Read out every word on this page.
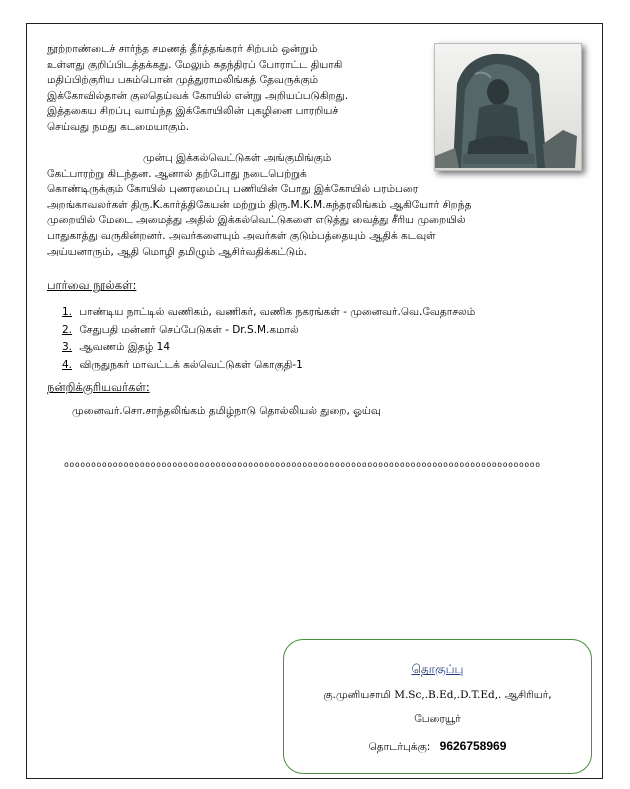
நூற்றாண்டைச் சார்ந்த சமணத் தீர்த்தங்கரர் சிற்பம் ஒன்றும்
உள்ளது குறிப்பிடத்தக்கது. மேலும் சுதந்திரப் போராட்ட தியாகி
மதிப்பிற்குரிய பசும்பொன் முத்துராமலிங்கத் தேவருக்கும்
இக்கோவில்தான் குலதெய்வக் கோயில் என்று அறியப்படுகிறது.
இத்தகைய சிறப்பு வாய்ந்த இக்கோயிலின் புகழினை பாரறியச்
செய்வது நமது கடமையாகும்.
முன்பு இக்கல்வெட்டுகள் அங்குமிங்கும்
கேட்பாரற்று கிடந்தன. ஆனால் தற்போது நடைபெற்றுக்
கொண்டிருக்கும் கோயில் புணரமைப்பு பணியின் போது இக்கோயில் பரம்பரை
அறங்காவலர்கள் திரு.K.கார்த்திகேயன் மற்றும் திரு.M.K.M.சுந்தரலிங்கம் ஆகியோர் சிறந்த
முறையில் மேடை அமைத்து அதில் இக்கல்வெட்டுகளை எடுத்து வைத்து சீரிய முறையில்
பாதுகாத்து வருகின்றனர். அவர்களையும் அவர்கள் குடும்பத்தையும் ஆதிக் கடவுள்
அய்யனாரும், ஆதி மொழி தமிழும் ஆசிர்வதிக்கட்டும்.
பார்வை நூல்கள்:
1. பாண்டிய நாட்டில் வணிகம், வணிகர், வணிக நகரங்கள் - முனைவர்.வெ.வேதாசலம்
2. சேதுபதி மன்னர் செப்பேடுகள் - Dr.S.M.கமால்
3. ஆவணம் இதழ் 14
4. விருதுநகர் மாவட்டக் கல்வெட்டுகள் கொகுதி-1
நன்றிக்குரியவர்கள்:
முனைவர்.சொ.சாந்தலிங்கம் தமிழ்நாடு தொல்லியல் துறை, ஓய்வு
oooooooooooooooooooooooooooooooooooooooooooooooooooooooooooooooooooooooooooooooooooooooo
தொகுப்பு
கு.முனியசாமி M.Sc,.B.Ed,.D.T.Ed,. ஆசிரியர்,
பேரையூர்
தொடர்புக்கு: 9626758969
